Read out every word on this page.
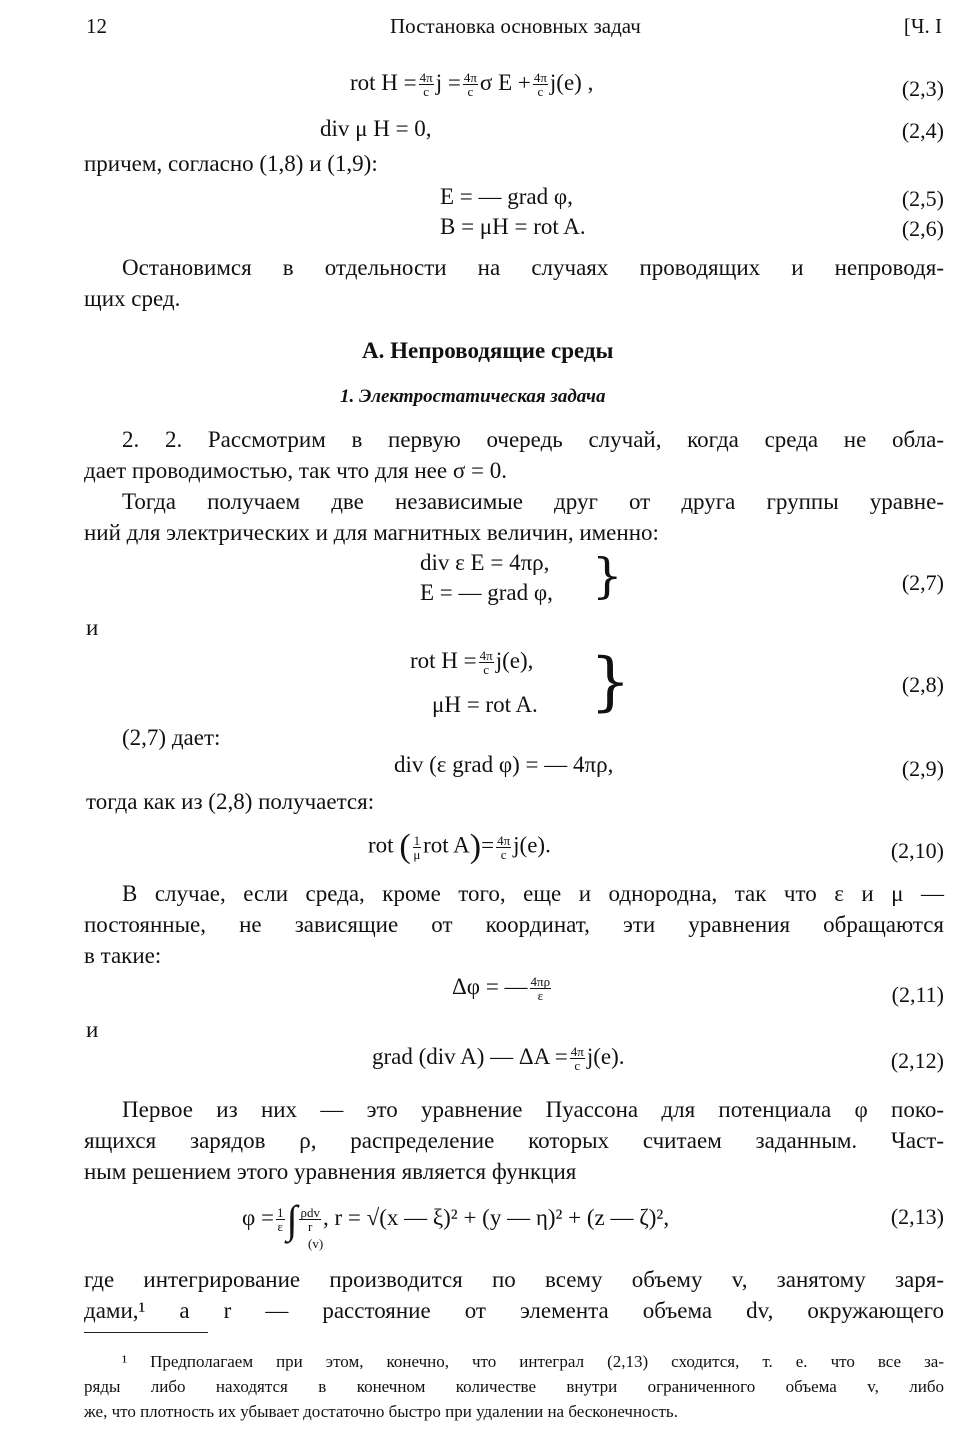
12	Постановка основных задач	[Ч. I
rot $H = \frac{4\pi}{c}$ $j = \frac{4\pi}{c}$ σ $E + \frac{4\pi}{c} j(e)$ ,	(2,3)
div μ H = 0,	(2,4)
причем, согласно (1,8) и (1,9):
E = — grad φ,	(2,5)
B = μH = rot A.	(2,6)
Остановимся в отдельности на случаях проводящих и непроводя-
щих сред.
A. Непроводящие среды
1. Электростатическая задача
2. 2. Рассмотрим в первую очередь случай, когда среда не обла-
дает проводимостью, так что для нее σ = 0.
Тогда получаем две независимые друг от друга группы уравне-
ний для электрических и для магнитных величин, именно:
div ε E = 4πρ,
E = — grad φ, }	(2,7)
и
rot $H = \frac{4\pi}{c} j(e)$,
μH = rot A. }	(2,8)
(2,7) дает:
div (ε grad φ) = — 4πρ,	(2,9)
тогда как из (2,8) получается:
rot ( $\frac{1}{\mu}$ rot $A)= \frac{4\pi}{c} j(e)$.	(2,10)
В случае, если среда, кроме того, еще и однородна, так что ε и μ —
постоянные, не зависящие от координат, эти уравнения обращаются
в такие:
Δφ = — $\frac{4\pi\rho}{\varepsilon}$	(2,11)
и
grad (div A) — $\Delta A = \frac{4\pi}{c} j(e)$.	(2,12)
Первое из них — это уравнение Пуассона для потенциала φ поко-
ящихся зарядов ρ, распределение которых считаем заданным. Част-
ным решением этого уравнения является функция
$\varphi = \frac{1}{\varepsilon}$ ∫ ρdv
r , r = √(x — ξ)² + (y — η)² + (z — ζ)²,
(v)
(2,13)
где интегрирование производится по всему объему v, занятому заря-
дами,¹ а r — расстояние от элемента объема dv, окружающего
¹ Предполагаем при этом, конечно, что интеграл (2,13) сходится, т. е. что все за-
ряды либо находятся в конечном количестве внутри ограниченного объема v, либо
же, что плотность их убывает достаточно быстро при удалении на бесконечность.
